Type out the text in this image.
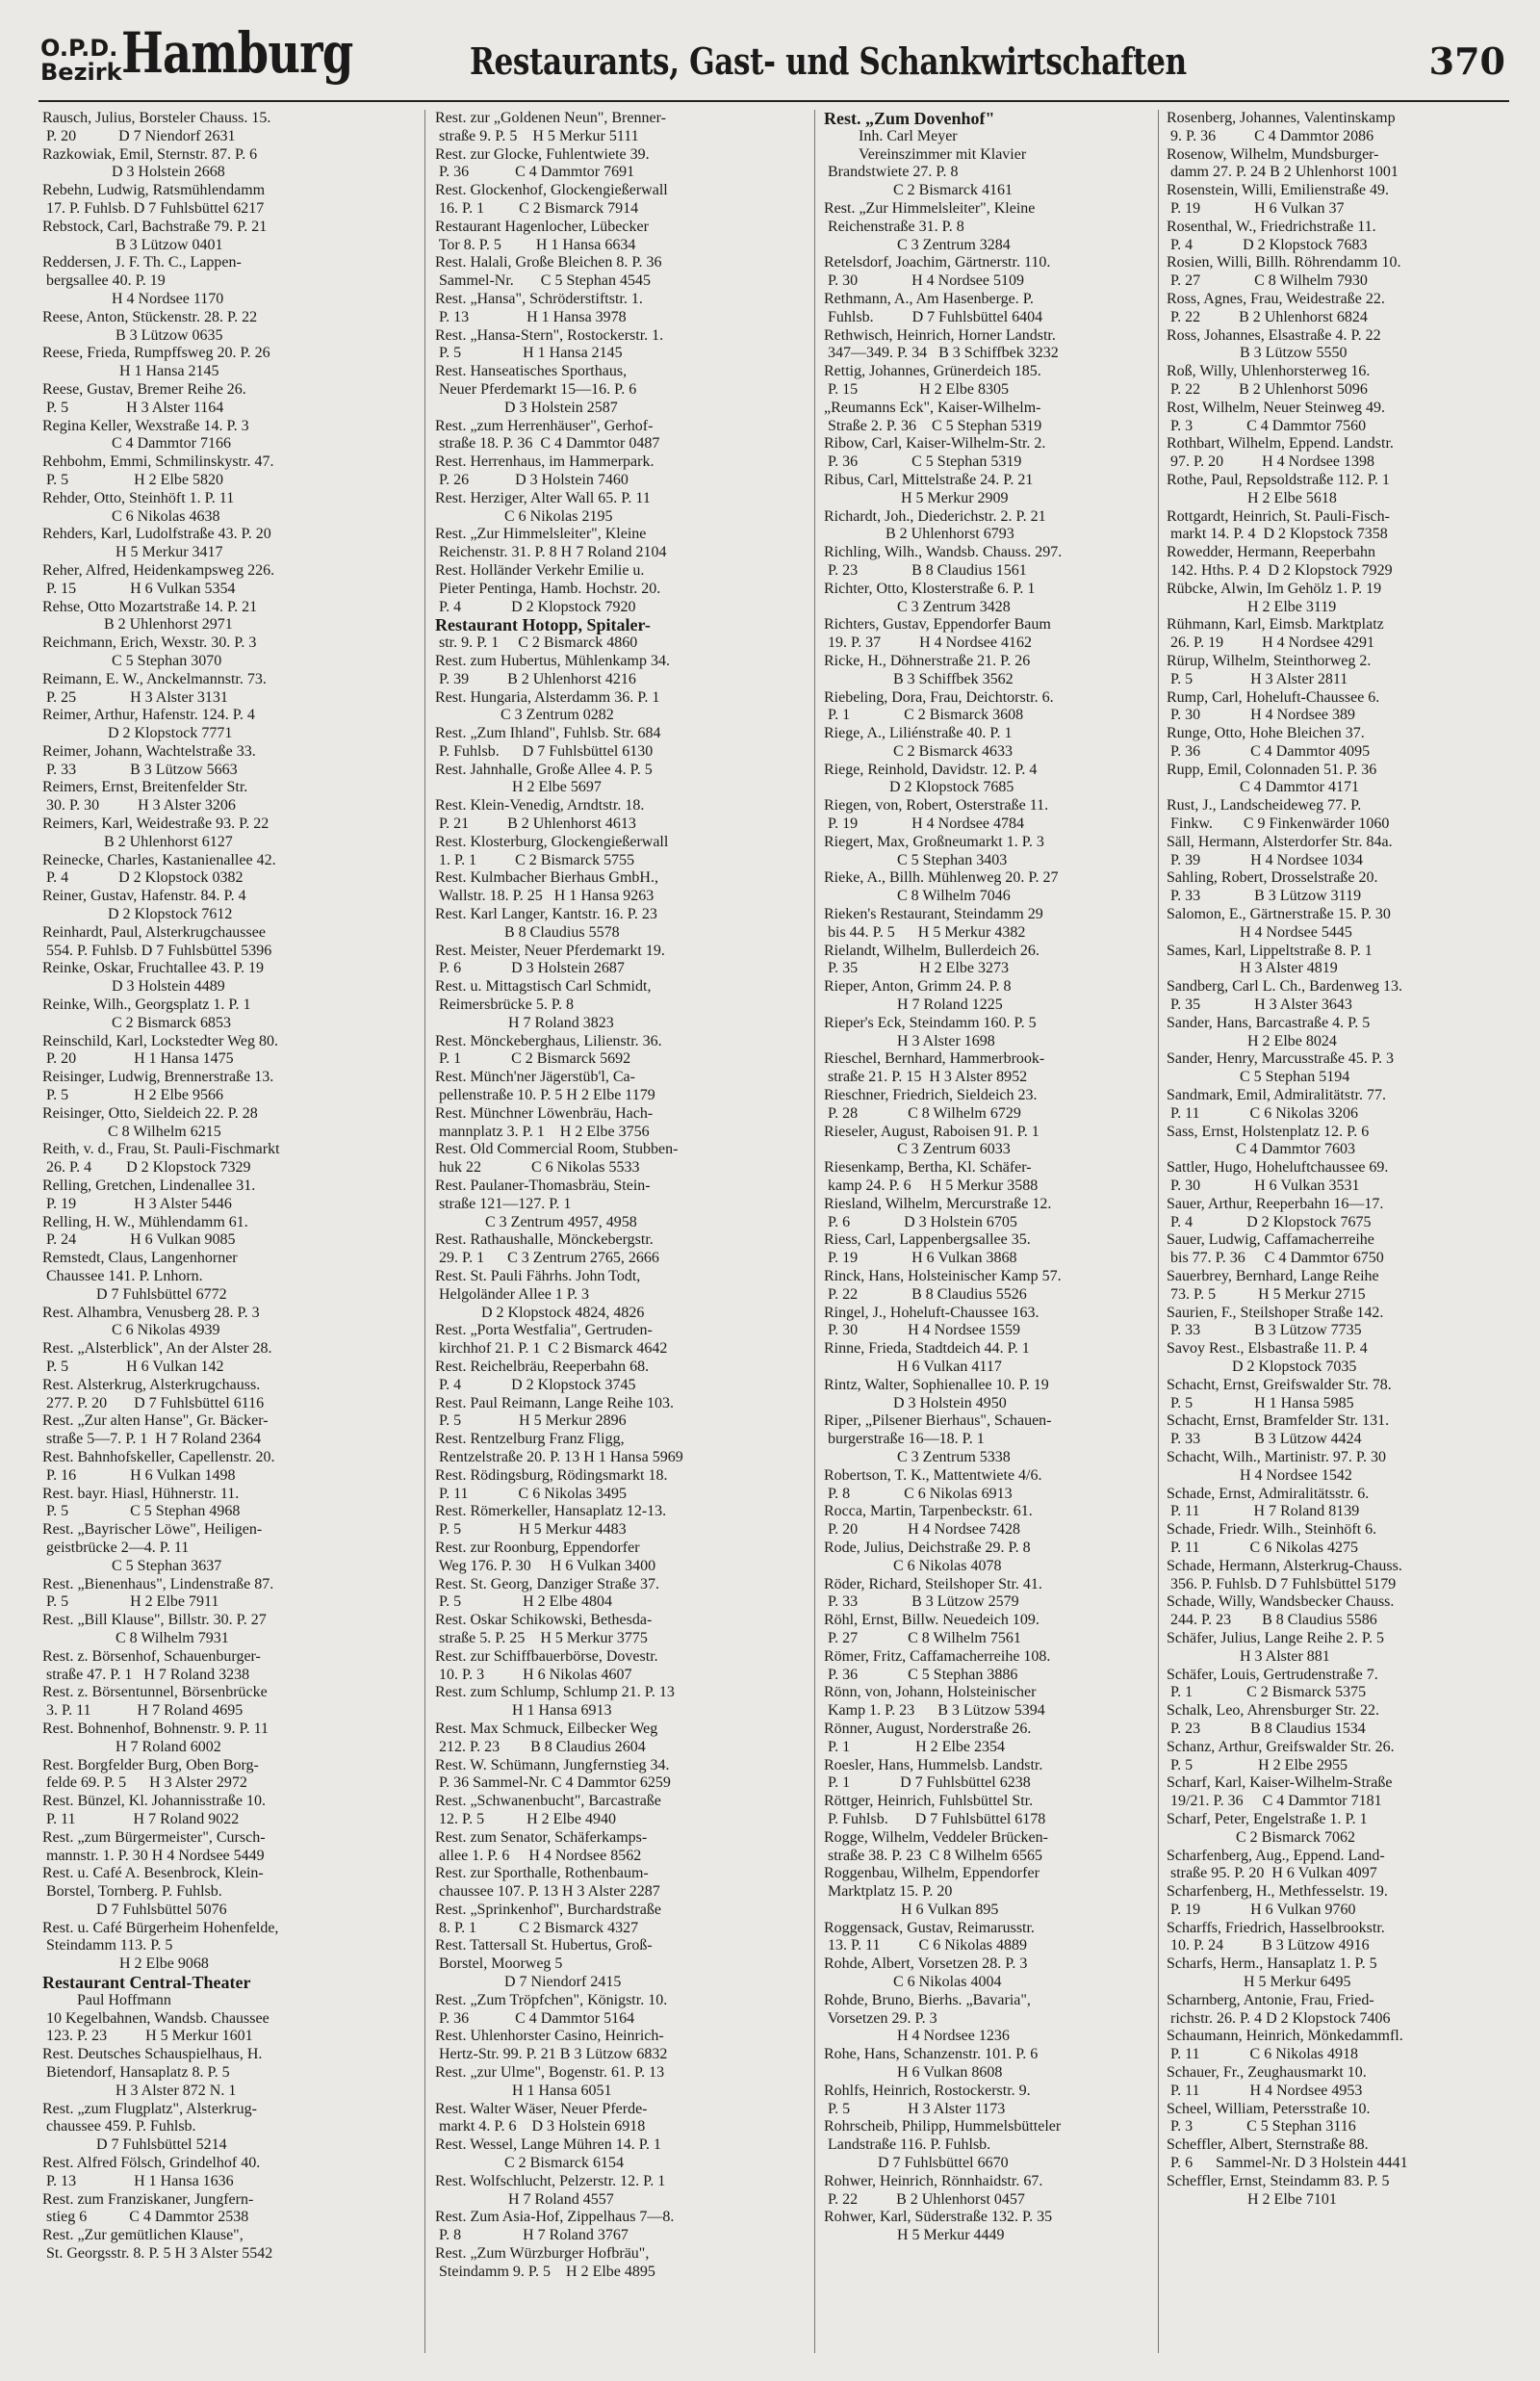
O.P.D.
Bezirk Hamburg	Restaurants, Gast- und Schankwirtschaften	370
Rausch, Julius, Borsteler Chauss. 15.
P. 20           D 7 Niendorf 2631
Razkowiak, Emil, Sternstr. 87. P. 6
D 3 Holstein 2668
Rebehn, Ludwig, Ratsmühlendamm
17. P. Fuhlsb. D 7 Fuhlsbüttel 6217
Rebstock, Carl, Bachstraße 79. P. 21
B 3 Lützow 0401
Reddersen, J. F. Th. C., Lappen-
bergsallee 40. P. 19
H 4 Nordsee 1170
Reese, Anton, Stückenstr. 28. P. 22
B 3 Lützow 0635
Reese, Frieda, Rumpffsweg 20. P. 26
H 1 Hansa 2145
Reese, Gustav, Bremer Reihe 26.
P. 5               H 3 Alster 1164
Regina Keller, Wexstraße 14. P. 3
C 4 Dammtor 7166
Rehbohm, Emmi, Schmilinskystr. 47.
P. 5                 H 2 Elbe 5820
Rehder, Otto, Steinhöft 1. P. 11
C 6 Nikolas 4638
Rehders, Karl, Ludolfstraße 43. P. 20
H 5 Merkur 3417
Reher, Alfred, Heidenkampsweg 226.
P. 15              H 6 Vulkan 5354
Rehse, Otto Mozartstraße 14. P. 21
B 2 Uhlenhorst 2971
Reichmann, Erich, Wexstr. 30. P. 3
C 5 Stephan 3070
Reimann, E. W., Anckelmannstr. 73.
P. 25              H 3 Alster 3131
Reimer, Arthur, Hafenstr. 124. P. 4
D 2 Klopstock 7771
Reimer, Johann, Wachtelstraße 33.
P. 33              B 3 Lützow 5663
Reimers, Ernst, Breitenfelder Str.
30. P. 30          H 3 Alster 3206
Reimers, Karl, Weidestraße 93. P. 22
B 2 Uhlenhorst 6127
Reinecke, Charles, Kastanienallee 42.
P. 4             D 2 Klopstock 0382
Reiner, Gustav, Hafenstr. 84. P. 4
D 2 Klopstock 7612
Reinhardt, Paul, Alsterkrugchaussee
554. P. Fuhlsb. D 7 Fuhlsbüttel 5396
Reinke, Oskar, Fruchtallee 43. P. 19
D 3 Holstein 4489
Reinke, Wilh., Georgsplatz 1. P. 1
C 2 Bismarck 6853
Reinschild, Karl, Lockstedter Weg 80.
P. 20               H 1 Hansa 1475
Reisinger, Ludwig, Brennerstraße 13.
P. 5                 H 2 Elbe 9566
Reisinger, Otto, Sieldeich 22. P. 28
C 8 Wilhelm 6215
Reith, v. d., Frau, St. Pauli-Fischmarkt
26. P. 4         D 2 Klopstock 7329
Relling, Gretchen, Lindenallee 31.
P. 19               H 3 Alster 5446
Relling, H. W., Mühlendamm 61.
P. 24              H 6 Vulkan 9085
Remstedt, Claus, Langenhorner
Chaussee 141. P. Lnhorn.
D 7 Fuhlsbüttel 6772
Rest. Alhambra, Venusberg 28. P. 3
C 6 Nikolas 4939
Rest. „Alsterblick", An der Alster 28.
P. 5               H 6 Vulkan 142
Rest. Alsterkrug, Alsterkrugchauss.
277. P. 20       D 7 Fuhlsbüttel 6116
Rest. „Zur alten Hanse", Gr. Bäcker-
straße 5—7. P. 1  H 7 Roland 2364
Rest. Bahnhofskeller, Capellenstr. 20.
P. 16              H 6 Vulkan 1498
Rest. bayr. Hiasl, Hühnerstr. 11.
P. 5                C 5 Stephan 4968
Rest. „Bayrischer Löwe", Heiligen-
geistbrücke 2—4. P. 11
C 5 Stephan 3637
Rest. „Bienenhaus", Lindenstraße 87.
P. 5                H 2 Elbe 7911
Rest. „Bill Klause", Billstr. 30. P. 27
C 8 Wilhelm 7931
Rest. z. Börsenhof, Schauenburger-
straße 47. P. 1   H 7 Roland 3238
Rest. z. Börsentunnel, Börsenbrücke
3. P. 11            H 7 Roland 4695
Rest. Bohnenhof, Bohnenstr. 9. P. 11
H 7 Roland 6002
Rest. Borgfelder Burg, Oben Borg-
felde 69. P. 5      H 3 Alster 2972
Rest. Bünzel, Kl. Johannisstraße 10.
P. 11               H 7 Roland 9022
Rest. „zum Bürgermeister", Cursch-
mannstr. 1. P. 30 H 4 Nordsee 5449
Rest. u. Café A. Besenbrock, Klein-
Borstel, Tornberg. P. Fuhlsb.
D 7 Fuhlsbüttel 5076
Rest. u. Café Bürgerheim Hohenfelde,
Steindamm 113. P. 5
H 2 Elbe 9068
Restaurant Central-Theater
Paul Hoffmann
10 Kegelbahnen, Wandsb. Chaussee
123. P. 23          H 5 Merkur 1601
Rest. Deutsches Schauspielhaus, H.
Bietendorf, Hansaplatz 8. P. 5
H 3 Alster 872 N. 1
Rest. „zum Flugplatz", Alsterkrug-
chaussee 459. P. Fuhlsb.
D 7 Fuhlsbüttel 5214
Rest. Alfred Fölsch, Grindelhof 40.
P. 13               H 1 Hansa 1636
Rest. zum Franziskaner, Jungfern-
stieg 6           C 4 Dammtor 2538
Rest. „Zur gemütlichen Klause",
St. Georgsstr. 8. P. 5 H 3 Alster 5542
Rest. zur „Goldenen Neun", Brenner-
straße 9. P. 5    H 5 Merkur 5111
Rest. zur Glocke, Fuhlentwiete 39.
P. 36            C 4 Dammtor 7691
Rest. Glockenhof, Glockengießerwall
16. P. 1         C 2 Bismarck 7914
Restaurant Hagenlocher, Lübecker
Tor 8. P. 5         H 1 Hansa 6634
Rest. Halali, Große Bleichen 8. P. 36
Sammel-Nr.       C 5 Stephan 4545
Rest. „Hansa", Schröderstiftstr. 1.
P. 13               H 1 Hansa 3978
Rest. „Hansa-Stern", Rostockerstr. 1.
P. 5                H 1 Hansa 2145
Rest. Hanseatisches Sporthaus,
Neuer Pferdemarkt 15—16. P. 6
D 3 Holstein 2587
Rest. „zum Herrenhäuser", Gerhof-
straße 18. P. 36  C 4 Dammtor 0487
Rest. Herrenhaus, im Hammerpark.
P. 26            D 3 Holstein 7460
Rest. Herziger, Alter Wall 65. P. 11
C 6 Nikolas 2195
Rest. „Zur Himmelsleiter", Kleine
Reichenstr. 31. P. 8 H 7 Roland 2104
Rest. Holländer Verkehr Emilie u.
Pieter Pentinga, Hamb. Hochstr. 20.
P. 4             D 2 Klopstock 7920
Restaurant Hotopp, Spitaler-
str. 9. P. 1     C 2 Bismarck 4860
Rest. zum Hubertus, Mühlenkamp 34.
P. 39          B 2 Uhlenhorst 4216
Rest. Hungaria, Alsterdamm 36. P. 1
C 3 Zentrum 0282
Rest. „Zum Ihland", Fuhlsb. Str. 684
P. Fuhlsb.      D 7 Fuhlsbüttel 6130
Rest. Jahnhalle, Große Allee 4. P. 5
H 2 Elbe 5697
Rest. Klein-Venedig, Arndtstr. 18.
P. 21          B 2 Uhlenhorst 4613
Rest. Klosterburg, Glockengießerwall
1. P. 1          C 2 Bismarck 5755
Rest. Kulmbacher Bierhaus GmbH.,
Wallstr. 18. P. 25   H 1 Hansa 9263
Rest. Karl Langer, Kantstr. 16. P. 23
B 8 Claudius 5578
Rest. Meister, Neuer Pferdemarkt 19.
P. 6             D 3 Holstein 2687
Rest. u. Mittagstisch Carl Schmidt,
Reimersbrücke 5. P. 8
H 7 Roland 3823
Rest. Mönckeberghaus, Lilienstr. 36.
P. 1             C 2 Bismarck 5692
Rest. Münch'ner Jägerstüb'l, Ca-
pellenstraße 10. P. 5 H 2 Elbe 1179
Rest. Münchner Löwenbräu, Hach-
mannplatz 3. P. 1    H 2 Elbe 3756
Rest. Old Commercial Room, Stubben-
huk 22             C 6 Nikolas 5533
Rest. Paulaner-Thomasbräu, Stein-
straße 121—127. P. 1
C 3 Zentrum 4957, 4958
Rest. Rathaushalle, Mönckebergstr.
29. P. 1      C 3 Zentrum 2765, 2666
Rest. St. Pauli Fährhs. John Todt,
Helgoländer Allee 1 P. 3
D 2 Klopstock 4824, 4826
Rest. „Porta Westfalia", Gertruden-
kirchhof 21. P. 1  C 2 Bismarck 4642
Rest. Reichelbräu, Reeperbahn 68.
P. 4             D 2 Klopstock 3745
Rest. Paul Reimann, Lange Reihe 103.
P. 5               H 5 Merkur 2896
Rest. Rentzelburg Franz Fligg,
Rentzelstraße 20. P. 13 H 1 Hansa 5969
Rest. Rödingsburg, Rödingsmarkt 18.
P. 11             C 6 Nikolas 3495
Rest. Römerkeller, Hansaplatz 12-13.
P. 5               H 5 Merkur 4483
Rest. zur Roonburg, Eppendorfer
Weg 176. P. 30     H 6 Vulkan 3400
Rest. St. Georg, Danziger Straße 37.
P. 5                H 2 Elbe 4804
Rest. Oskar Schikowski, Bethesda-
straße 5. P. 25    H 5 Merkur 3775
Rest. zur Schiffbauerbörse, Dovestr.
10. P. 3          H 6 Nikolas 4607
Rest. zum Schlump, Schlump 21. P. 13
H 1 Hansa 6913
Rest. Max Schmuck, Eilbecker Weg
212. P. 23        B 8 Claudius 2604
Rest. W. Schümann, Jungfernstieg 34.
P. 36 Sammel-Nr. C 4 Dammtor 6259
Rest. „Schwanenbucht", Barcastraße
12. P. 5           H 2 Elbe 4940
Rest. zum Senator, Schäferkamps-
allee 1. P. 6     H 4 Nordsee 8562
Rest. zur Sporthalle, Rothenbaum-
chaussee 107. P. 13 H 3 Alster 2287
Rest. „Sprinkenhof", Burchardstraße
8. P. 1           C 2 Bismarck 4327
Rest. Tattersall St. Hubertus, Groß-
Borstel, Moorweg 5
D 7 Niendorf 2415
Rest. „Zum Tröpfchen", Königstr. 10.
P. 36            C 4 Dammtor 5164
Rest. Uhlenhorster Casino, Heinrich-
Hertz-Str. 99. P. 21 B 3 Lützow 6832
Rest. „zur Ulme", Bogenstr. 61. P. 13
H 1 Hansa 6051
Rest. Walter Wäser, Neuer Pferde-
markt 4. P. 6    D 3 Holstein 6918
Rest. Wessel, Lange Mühren 14. P. 1
C 2 Bismarck 6154
Rest. Wolfschlucht, Pelzerstr. 12. P. 1
H 7 Roland 4557
Rest. Zum Asia-Hof, Zippelhaus 7—8.
P. 8                H 7 Roland 3767
Rest. „Zum Würzburger Hofbräu",
Steindamm 9. P. 5    H 2 Elbe 4895
Rest. „Zum Dovenhof"
Inh. Carl Meyer
Vereinszimmer mit Klavier
Brandstwiete 27. P. 8
C 2 Bismarck 4161
Rest. „Zur Himmelsleiter", Kleine
Reichenstraße 31. P. 8
C 3 Zentrum 3284
Retelsdorf, Joachim, Gärtnerstr. 110.
P. 30              H 4 Nordsee 5109
Rethmann, A., Am Hasenberge. P.
Fuhlsb.          D 7 Fuhlsbüttel 6404
Rethwisch, Heinrich, Horner Landstr.
347—349. P. 34   B 3 Schiffbek 3232
Rettig, Johannes, Grünerdeich 185.
P. 15                H 2 Elbe 8305
„Reumanns Eck", Kaiser-Wilhelm-
Straße 2. P. 36    C 5 Stephan 5319
Ribow, Carl, Kaiser-Wilhelm-Str. 2.
P. 36              C 5 Stephan 5319
Ribus, Carl, Mittelstraße 24. P. 21
H 5 Merkur 2909
Richardt, Joh., Diederichstr. 2. P. 21
B 2 Uhlenhorst 6793
Richling, Wilh., Wandsb. Chauss. 297.
P. 23              B 8 Claudius 1561
Richter, Otto, Klosterstraße 6. P. 1
C 3 Zentrum 3428
Richters, Gustav, Eppendorfer Baum
19. P. 37          H 4 Nordsee 4162
Ricke, H., Döhnerstraße 21. P. 26
B 3 Schiffbek 3562
Riebeling, Dora, Frau, Deichtorstr. 6.
P. 1              C 2 Bismarck 3608
Riege, A., Liliénstraße 40. P. 1
C 2 Bismarck 4633
Riege, Reinhold, Davidstr. 12. P. 4
D 2 Klopstock 7685
Riegen, von, Robert, Osterstraße 11.
P. 19              H 4 Nordsee 4784
Riegert, Max, Großneumarkt 1. P. 3
C 5 Stephan 3403
Rieke, A., Billh. Mühlenweg 20. P. 27
C 8 Wilhelm 7046
Rieken's Restaurant, Steindamm 29
bis 44. P. 5      H 5 Merkur 4382
Rielandt, Wilhelm, Bullerdeich 26.
P. 35                H 2 Elbe 3273
Rieper, Anton, Grimm 24. P. 8
H 7 Roland 1225
Rieper's Eck, Steindamm 160. P. 5
H 3 Alster 1698
Rieschel, Bernhard, Hammerbrook-
straße 21. P. 15  H 3 Alster 8952
Rieschner, Friedrich, Sieldeich 23.
P. 28             C 8 Wilhelm 6729
Rieseler, August, Raboisen 91. P. 1
C 3 Zentrum 6033
Riesenkamp, Bertha, Kl. Schäfer-
kamp 24. P. 6     H 5 Merkur 3588
Riesland, Wilhelm, Mercurstraße 12.
P. 6              D 3 Holstein 6705
Riess, Carl, Lappenbergsallee 35.
P. 19              H 6 Vulkan 3868
Rinck, Hans, Holsteinischer Kamp 57.
P. 22              B 8 Claudius 5526
Ringel, J., Hoheluft-Chaussee 163.
P. 30             H 4 Nordsee 1559
Rinne, Frieda, Stadtdeich 44. P. 1
H 6 Vulkan 4117
Rintz, Walter, Sophienallee 10. P. 19
D 3 Holstein 4950
Riper, „Pilsener Bierhaus", Schauen-
burgerstraße 16—18. P. 1
C 3 Zentrum 5338
Robertson, T. K., Mattentwiete 4/6.
P. 8              C 6 Nikolas 6913
Rocca, Martin, Tarpenbeckstr. 61.
P. 20             H 4 Nordsee 7428
Rode, Julius, Deichstraße 29. P. 8
C 6 Nikolas 4078
Röder, Richard, Steilshoper Str. 41.
P. 33              B 3 Lützow 2579
Röhl, Ernst, Billw. Neuedeich 109.
P. 27             C 8 Wilhelm 7561
Römer, Fritz, Caffamacherreihe 108.
P. 36             C 5 Stephan 3886
Rönn, von, Johann, Holsteinischer
Kamp 1. P. 23      B 3 Lützow 5394
Rönner, August, Norderstraße 26.
P. 1                 H 2 Elbe 2354
Roesler, Hans, Hummelsb. Landstr.
P. 1             D 7 Fuhlsbüttel 6238
Röttger, Heinrich, Fuhlsbüttel Str.
P. Fuhlsb.       D 7 Fuhlsbüttel 6178
Rogge, Wilhelm, Veddeler Brücken-
straße 38. P. 23  C 8 Wilhelm 6565
Roggenbau, Wilhelm, Eppendorfer
Marktplatz 15. P. 20
H 6 Vulkan 895
Roggensack, Gustav, Reimarusstr.
13. P. 11          C 6 Nikolas 4889
Rohde, Albert, Vorsetzen 28. P. 3
C 6 Nikolas 4004
Rohde, Bruno, Bierhs. „Bavaria",
Vorsetzen 29. P. 3
H 4 Nordsee 1236
Rohe, Hans, Schanzenstr. 101. P. 6
H 6 Vulkan 8608
Rohlfs, Heinrich, Rostockerstr. 9.
P. 5               H 3 Alster 1173
Rohrscheib, Philipp, Hummelsbütteler
Landstraße 116. P. Fuhlsb.
D 7 Fuhlsbüttel 6670
Rohwer, Heinrich, Rönnhaidstr. 67.
P. 22          B 2 Uhlenhorst 0457
Rohwer, Karl, Süderstraße 132. P. 35
H 5 Merkur 4449
Rosenberg, Johannes, Valentinskamp
9. P. 36          C 4 Dammtor 2086
Rosenow, Wilhelm, Mundsburger-
damm 27. P. 24 B 2 Uhlenhorst 1001
Rosenstein, Willi, Emilienstraße 49.
P. 19              H 6 Vulkan 37
Rosenthal, W., Friedrichstraße 11.
P. 4             D 2 Klopstock 7683
Rosien, Willi, Billh. Röhrendamm 10.
P. 27              C 8 Wilhelm 7930
Ross, Agnes, Frau, Weidestraße 22.
P. 22          B 2 Uhlenhorst 6824
Ross, Johannes, Elsastraße 4. P. 22
B 3 Lützow 5550
Roß, Willy, Uhlenhorsterweg 16.
P. 22          B 2 Uhlenhorst 5096
Rost, Wilhelm, Neuer Steinweg 49.
P. 3              C 4 Dammtor 7560
Rothbart, Wilhelm, Eppend. Landstr.
97. P. 20          H 4 Nordsee 1398
Rothe, Paul, Repsoldstraße 112. P. 1
H 2 Elbe 5618
Rottgardt, Heinrich, St. Pauli-Fisch-
markt 14. P. 4  D 2 Klopstock 7358
Rowedder, Hermann, Reeperbahn
142. Hths. P. 4  D 2 Klopstock 7929
Rübcke, Alwin, Im Gehölz 1. P. 19
H 2 Elbe 3119
Rühmann, Karl, Eimsb. Marktplatz
26. P. 19          H 4 Nordsee 4291
Rürup, Wilhelm, Steinthorweg 2.
P. 5               H 3 Alster 2811
Rump, Carl, Hoheluft-Chaussee 6.
P. 30             H 4 Nordsee 389
Runge, Otto, Hohe Bleichen 37.
P. 36             C 4 Dammtor 4095
Rupp, Emil, Colonnaden 51. P. 36
C 4 Dammtor 4171
Rust, J., Landscheideweg 77. P.
Finkw.        C 9 Finkenwärder 1060
Säll, Hermann, Alsterdorfer Str. 84a.
P. 39             H 4 Nordsee 1034
Sahling, Robert, Drosselstraße 20.
P. 33              B 3 Lützow 3119
Salomon, E., Gärtnerstraße 15. P. 30
H 4 Nordsee 5445
Sames, Karl, Lippeltstraße 8. P. 1
H 3 Alster 4819
Sandberg, Carl L. Ch., Bardenweg 13.
P. 35              H 3 Alster 3643
Sander, Hans, Barcastraße 4. P. 5
H 2 Elbe 8024
Sander, Henry, Marcusstraße 45. P. 3
C 5 Stephan 5194
Sandmark, Emil, Admiralitätstr. 77.
P. 11             C 6 Nikolas 3206
Sass, Ernst, Holstenplatz 12. P. 6
C 4 Dammtor 7603
Sattler, Hugo, Hoheluftchaussee 69.
P. 30              H 6 Vulkan 3531
Sauer, Arthur, Reeperbahn 16—17.
P. 4              D 2 Klopstock 7675
Sauer, Ludwig, Caffamacherreihe
bis 77. P. 36     C 4 Dammtor 6750
Sauerbrey, Bernhard, Lange Reihe
73. P. 5           H 5 Merkur 2715
Saurien, F., Steilshoper Straße 142.
P. 33              B 3 Lützow 7735
Savoy Rest., Elsbastraße 11. P. 4
D 2 Klopstock 7035
Schacht, Ernst, Greifswalder Str. 78.
P. 5                H 1 Hansa 5985
Schacht, Ernst, Bramfelder Str. 131.
P. 33              B 3 Lützow 4424
Schacht, Wilh., Martinistr. 97. P. 30
H 4 Nordsee 1542
Schade, Ernst, Admiralitätsstr. 6.
P. 11              H 7 Roland 8139
Schade, Friedr. Wilh., Steinhöft 6.
P. 11             C 6 Nikolas 4275
Schade, Hermann, Alsterkrug-Chauss.
356. P. Fuhlsb. D 7 Fuhlsbüttel 5179
Schade, Willy, Wandsbecker Chauss.
244. P. 23        B 8 Claudius 5586
Schäfer, Julius, Lange Reihe 2. P. 5
H 3 Alster 881
Schäfer, Louis, Gertrudenstraße 7.
P. 1              C 2 Bismarck 5375
Schalk, Leo, Ahrensburger Str. 22.
P. 23             B 8 Claudius 1534
Schanz, Arthur, Greifswalder Str. 26.
P. 5                 H 2 Elbe 2955
Scharf, Karl, Kaiser-Wilhelm-Straße
19/21. P. 36     C 4 Dammtor 7181
Scharf, Peter, Engelstraße 1. P. 1
C 2 Bismarck 7062
Scharfenberg, Aug., Eppend. Land-
straße 95. P. 20  H 6 Vulkan 4097
Scharfenberg, H., Methfesselstr. 19.
P. 19             H 6 Vulkan 9760
Scharffs, Friedrich, Hasselbrookstr.
10. P. 24          B 3 Lützow 4916
Scharfs, Herm., Hansaplatz 1. P. 5
H 5 Merkur 6495
Scharnberg, Antonie, Frau, Fried-
richstr. 26. P. 4 D 2 Klopstock 7406
Schaumann, Heinrich, Mönkedammfl.
P. 11             C 6 Nikolas 4918
Schauer, Fr., Zeughausmarkt 10.
P. 11             H 4 Nordsee 4953
Scheel, William, Petersstraße 10.
P. 3              C 5 Stephan 3116
Scheffler, Albert, Sternstraße 88.
P. 6      Sammel-Nr. D 3 Holstein 4441
Scheffler, Ernst, Steindamm 83. P. 5
H 2 Elbe 7101
